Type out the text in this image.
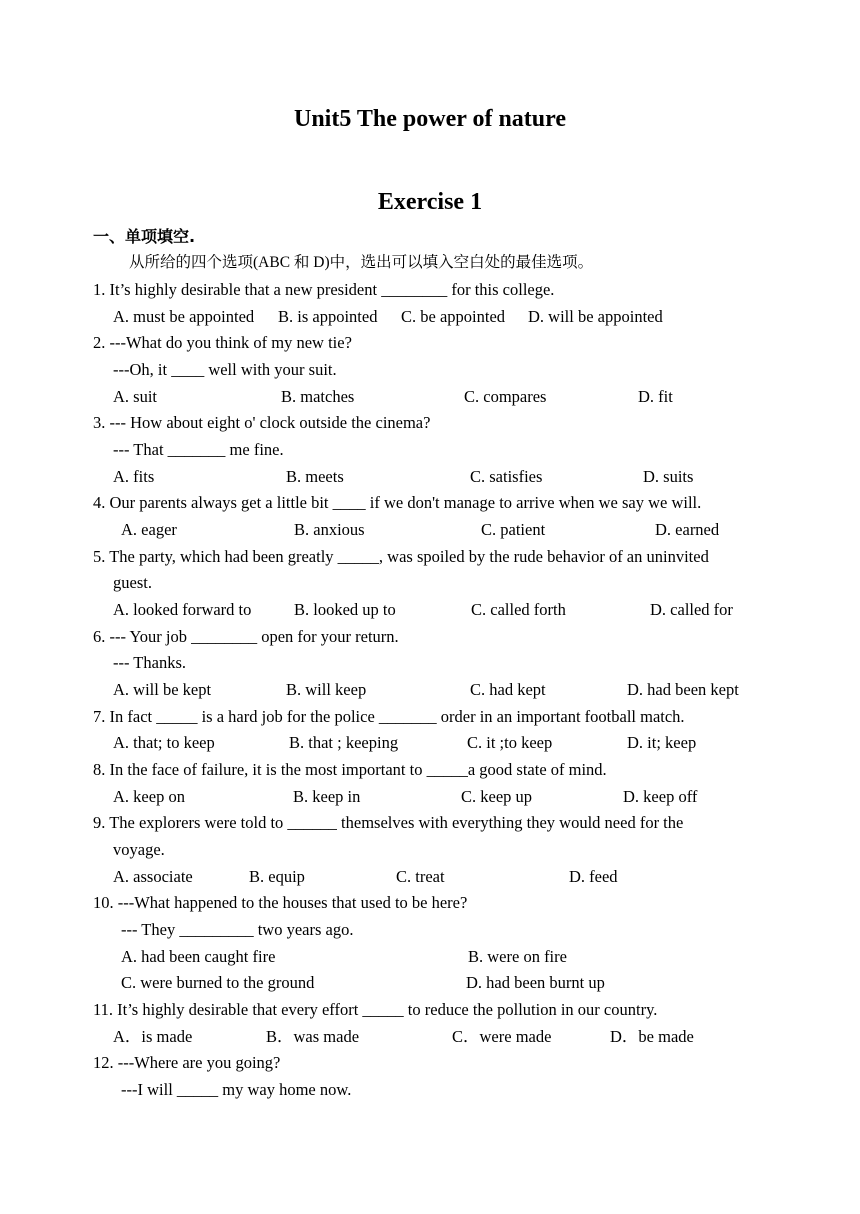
Unit5 The power of nature
Exercise 1
一、单项填空.
从所给的四个选项(ABC 和 D)中，选出可以填入空白处的最佳选项。
1. It’s highly desirable that a new president ________ for this college.
A. must be appointed B. is appointed C. be appointed D. will be appointed
2. ---What do you think of my new tie?
---Oh, it ____ well with your suit.
A. suit	B. matches	C. compares	D. fit
3. --- How about eight o' clock outside the cinema?
--- That _______ me fine.
A. fits	B. meets	C. satisfies	D. suits
4. Our parents always get a little bit ____ if we don't manage to arrive when we say we will.
A. eager	B. anxious	C. patient	D. earned
5. The party, which had been greatly _____, was spoiled by the rude behavior of an uninvited
guest.
A. looked forward to	B. looked up to	C. called forth	D. called for
6. --- Your job ________ open for your return.
--- Thanks.
A. will be kept	B. will keep	C. had kept	D. had been kept
7. In fact _____ is a hard job for the police _______ order in an important football match.
A. that; to keep	B. that ; keeping	C. it ;to keep	D. it; keep
8. In the face of failure, it is the most important to _____a good state of mind.
A. keep on	B. keep in	C. keep up	D. keep off
9. The explorers were told to ______ themselves with everything they would need for the
voyage.
A. associate	B. equip	C. treat	D. feed
10. ---What happened to the houses that used to be here?
--- They _________ two years ago.
A. had been caught fire	B. were on fire
C. were burned to the ground	D. had been burnt up
11. It’s highly desirable that every effort _____ to reduce the pollution in our country.
A．is made	B．was made	C．were made	D．be made
12. ---Where are you going?
---I will _____ my way home now.
